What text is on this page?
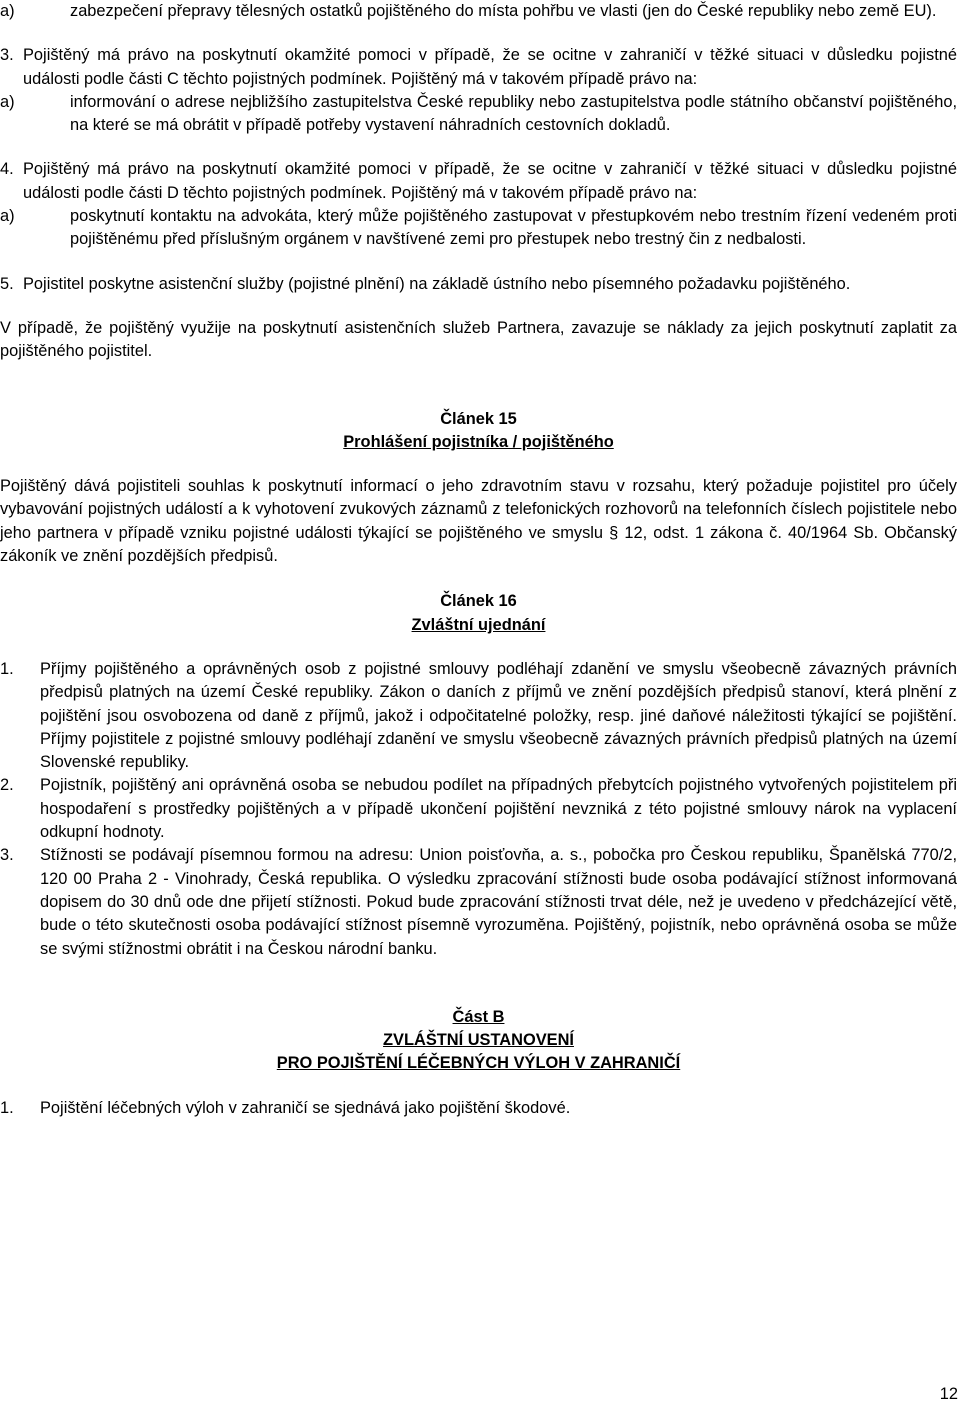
a)	zabezpečení přepravy tělesných ostatků pojištěného do místa pohřbu ve vlasti (jen do České republiky nebo země EU).
3. Pojištěný má právo na poskytnutí okamžité pomoci v případě, že se ocitne v zahraničí v těžké situaci v důsledku pojistné události podle části C těchto pojistných podmínek. Pojištěný má v takovém případě právo na:
a)	informování o adrese nejbližšího zastupitelstva České republiky nebo zastupitelstva podle státního občanství pojištěného, na které se má obrátit v případě potřeby vystavení náhradních cestovních dokladů.
4. Pojištěný má právo na poskytnutí okamžité pomoci v případě, že se ocitne v zahraničí v těžké situaci v důsledku pojistné události podle části D těchto pojistných podmínek. Pojištěný má v takovém případě právo na:
a)	poskytnutí kontaktu na advokáta, který může pojištěného zastupovat v přestupkovém nebo trestním řízení vedeném proti pojištěnému před příslušným orgánem v navštívené zemi pro přestupek nebo trestný čin z nedbalosti.
5. Pojistitel poskytne asistenční služby (pojistné plnění) na základě ústního nebo písemného požadavku pojištěného.

V případě, že pojištěný využije na poskytnutí asistenčních služeb Partnera, zavazuje se náklady za jejich poskytnutí zaplatit za pojištěného pojistitel.

Článek 15
Prohlášení pojistníka / pojištěného

Pojištěný dává pojistiteli souhlas k poskytnutí informací o jeho zdravotním stavu v rozsahu, který požaduje pojistitel pro účely vybavování pojistných událostí a k vyhotovení zvukových záznamů z telefonických rozhovorů na telefonních číslech pojistitele nebo jeho partnera v případě vzniku pojistné události týkající se pojištěného ve smyslu § 12, odst. 1 zákona č. 40/1964 Sb. Občanský zákoník ve znění pozdějších předpisů.

Článek 16
Zvláštní ujednání
1. Příjmy pojištěného a oprávněných osob z pojistné smlouvy podléhají zdanění ve smyslu všeobecně závazných právních předpisů platných na území České republiky. Zákon o daních z příjmů ve znění pozdějších předpisů stanoví, která plnění z pojištění jsou osvobozena od daně z příjmů, jakož i odpočitatelné položky, resp. jiné daňové náležitosti týkající se pojištění. Příjmy pojistitele z pojistné smlouvy podléhají zdanění ve smyslu všeobecně závazných právních předpisů platných na území Slovenské republiky.
2. Pojistník, pojištěný ani oprávněná osoba se nebudou podílet na případných přebytcích pojistného vytvořených pojistitelem při hospodaření s prostředky pojištěných a v případě ukončení pojištění nevzniká z této pojistné smlouvy nárok na vyplacení odkupní hodnoty.
3. Stížnosti se podávají písemnou formou na adresu: Union poisťovňa, a. s., pobočka pro Českou republiku, Španělská 770/2, 120 00 Praha 2 - Vinohrady, Česká republika. O výsledku zpracování stížnosti bude osoba podávající stížnost informovaná dopisem do 30 dnů ode dne přijetí stížnosti. Pokud bude zpracování stížnosti trvat déle, než je uvedeno v předcházející větě, bude o této skutečnosti osoba podávající stížnost písemně vyrozuměna. Pojištěný, pojistník, nebo oprávněná osoba se může se svými stížnostmi obrátit i na Českou národní banku.
Část B
ZVLÁŠTNÍ USTANOVENÍ
PRO POJIŠTĚNÍ LÉČEBNÝCH VÝLOH V ZAHRANIČÍ
1. Pojištění léčebných výloh v zahraničí se sjednává jako pojištění škodové.
12
